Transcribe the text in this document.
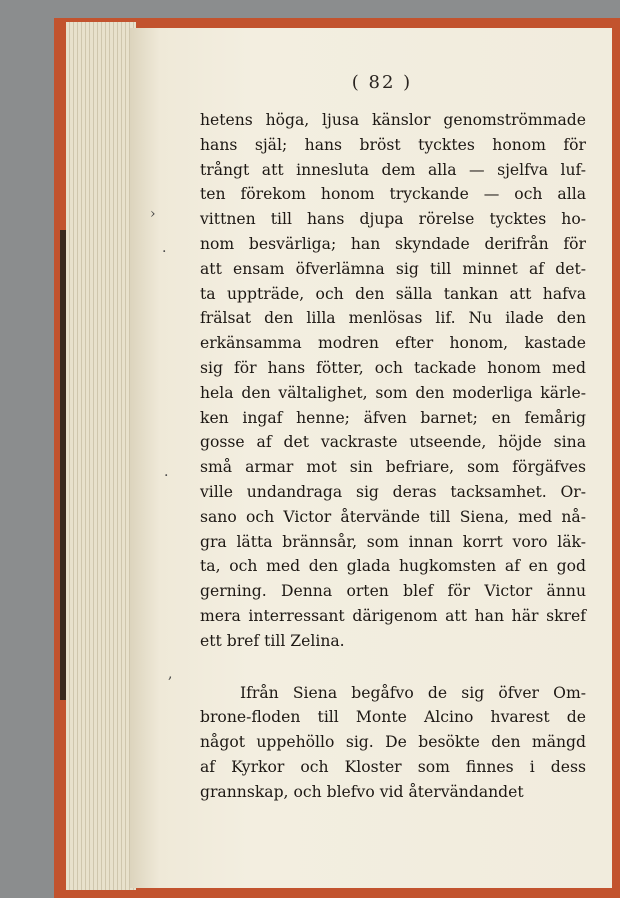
( 82 )
hetens höga, ljusa känslor genomströmmade
hans själ; hans bröst tycktes honom för
trångt att innesluta dem alla — sjelfva luf-
ten förekom honom tryckande — och alla
vittnen till hans djupa rörelse tycktes ho-
nom besvärliga; han skyndade derifrån för
att ensam öfverlämna sig till minnet af det-
ta uppträde, och den sälla tankan att hafva
frälsat den lilla menlösas lif. Nu ilade den
erkänsamma modren efter honom, kastade
sig för hans fötter, och tackade honom med
hela den vältalighet, som den moderliga kärle-
ken ingaf henne; äfven barnet; en femårig
gosse af det vackraste utseende, höjde sina
små armar mot sin befriare, som förgäfves
ville undandraga sig deras tacksamhet. Or-
sano och Victor återvände till Siena, med nå-
gra lätta brännsår, som innan korrt voro läk-
ta, och med den glada hugkomsten af en god
gerning. Denna orten blef för Victor ännu
mera interressant därigenom att han här skref
ett bref till Zelina.
Ifrån Siena begåfvo de sig öfver Om-
brone-floden till Monte Alcino hvarest de
något uppehöllo sig. De besökte den mängd
af Kyrkor och Kloster som finnes i dess
grannskap, och blefvo vid återvändandet
›
.
.
,
